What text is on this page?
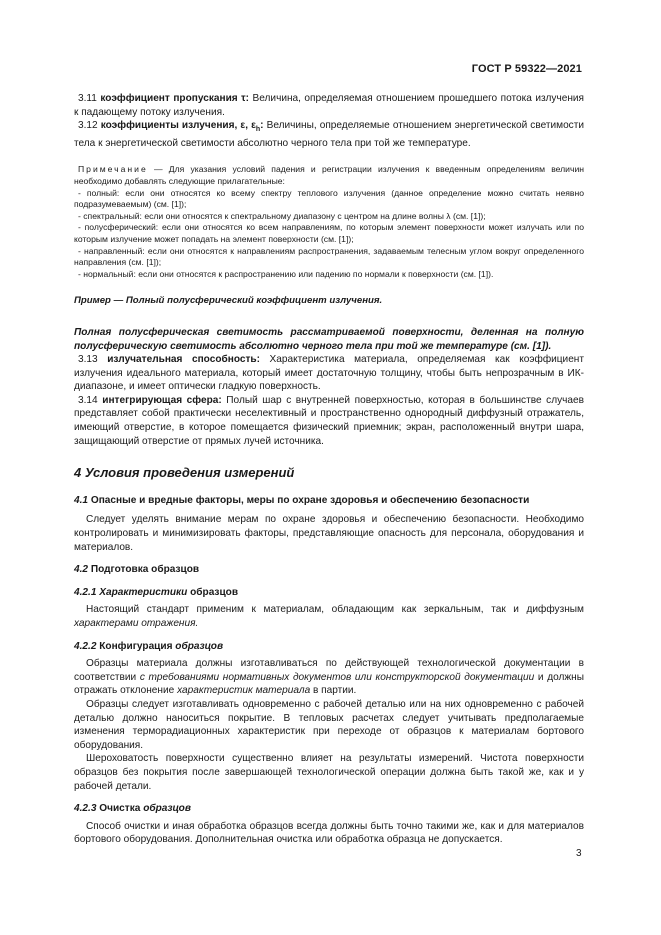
ГОСТ Р 59322—2021

3.11 коэффициент пропускания τ: Величина, определяемая отношением прошедшего потока излучения к падающему потоку излучения.

3.12 коэффициенты излучения, ε, $\varepsilon_h$: Величины, определяемые отношением энергетической светимости тела к энергетической светимости абсолютно черного тела при той же температуре.

Примечание — Для указания условий падения и регистрации излучения к введенным определениям величин необходимо добавлять следующие прилагательные:

- полный: если они относятся ко всему спектру теплового излучения (данное определение можно считать неявно подразумеваемым) (см. [1]);

- спектральный: если они относятся к спектральному диапазону с центром на длине волны λ (см. [1]);

- полусферический: если они относятся ко всем направлениям, по которым элемент поверхности может излучать или по которым излучение может попадать на элемент поверхности (см. [1]);

- направленный: если они относятся к направлениям распространения, задаваемым телесным углом вокруг определенного направления (см. [1]);

- нормальный: если они относятся к распространению или падению по нормали к поверхности (см. [1]).

Пример — Полный полусферический коэффициент излучения.

Полная полусферическая светимость рассматриваемой поверхности, деленная на полную полусферическую светимость абсолютно черного тела при той же температуре (см. [1]).

3.13 излучательная способность: Характеристика материала, определяемая как коэффициент излучения идеального материала, который имеет достаточную толщину, чтобы быть непрозрачным в ИК-диапазоне, и имеет оптически гладкую поверхность.

3.14 интегрирующая сфера: Полый шар с внутренней поверхностью, которая в большинстве случаев представляет собой практически неселективный и пространственно однородный диффузный отражатель, имеющий отверстие, в которое помещается физический приемник; экран, расположенный внутри шара, защищающий отверстие от прямых лучей источника.

4 Условия проведения измерений
4.1 Опасные и вредные факторы, меры по охране здоровья и обеспечению безопасности

Следует уделять внимание мерам по охране здоровья и обеспечению безопасности. Необходимо контролировать и минимизировать факторы, представляющие опасность для персонала, оборудования и материалов.

4.2 Подготовка образцов
4.2.1 Характеристики образцов

Настоящий стандарт применим к материалам, обладающим как зеркальным, так и диффузным характерами отражения.

4.2.2 Конфигурация образцов

Образцы материала должны изготавливаться по действующей технологической документации в соответствии с требованиями нормативных документов или конструкторской документации и должны отражать отклонение характеристик материала в партии.

Образцы следует изготавливать одновременно с рабочей деталью или на них одновременно с рабочей деталью должно наноситься покрытие. В тепловых расчетах следует учитывать предполагаемые изменения терморадиационных характеристик при переходе от образцов к материалам бортового оборудования.

Шероховатость поверхности существенно влияет на результаты измерений. Чистота поверхности образцов без покрытия после завершающей технологической операции должна быть такой же, как и у рабочей детали.

4.2.3 Очистка образцов

Способ очистки и иная обработка образцов всегда должны быть точно такими же, как и для материалов бортового оборудования. Дополнительная очистка или обработка образца не допускается.

3
